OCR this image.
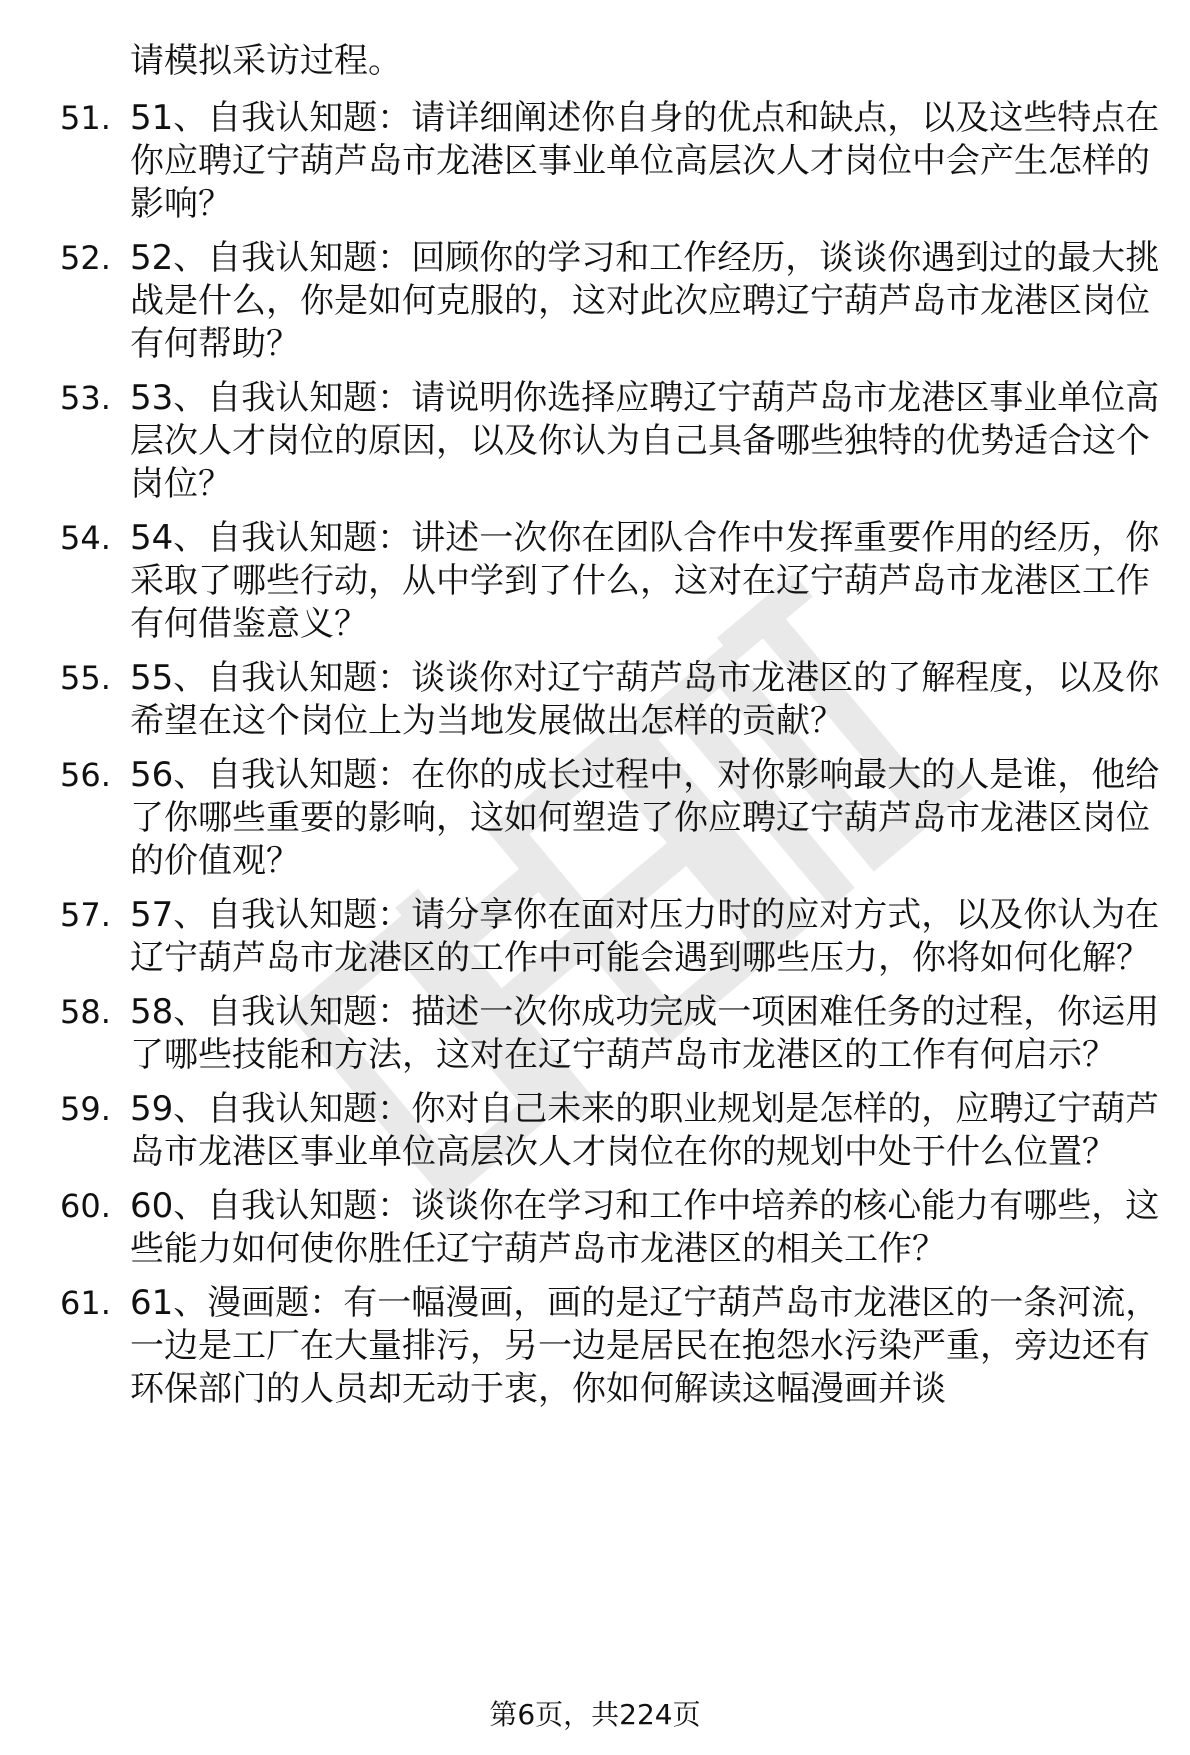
请模拟采访过程。
51. 51、自我认知题：请详细阐述你自身的优点和缺点，以及这些特点在你应聘辽宁葫芦岛市龙港区事业单位高层次人才岗位中会产生怎样的影响？
52. 52、自我认知题：回顾你的学习和工作经历，谈谈你遇到过的最大挑战是什么，你是如何克服的，这对此次应聘辽宁葫芦岛市龙港区岗位有何帮助？
53. 53、自我认知题：请说明你选择应聘辽宁葫芦岛市龙港区事业单位高层次人才岗位的原因，以及你认为自己具备哪些独特的优势适合这个岗位？
54. 54、自我认知题：讲述一次你在团队合作中发挥重要作用的经历，你采取了哪些行动，从中学到了什么，这对在辽宁葫芦岛市龙港区工作有何借鉴意义？
55. 55、自我认知题：谈谈你对辽宁葫芦岛市龙港区的了解程度，以及你希望在这个岗位上为当地发展做出怎样的贡献？
56. 56、自我认知题：在你的成长过程中，对你影响最大的人是谁，他给了你哪些重要的影响，这如何塑造了你应聘辽宁葫芦岛市龙港区岗位的价值观？
57. 57、自我认知题：请分享你在面对压力时的应对方式，以及你认为在辽宁葫芦岛市龙港区的工作中可能会遇到哪些压力，你将如何化解？
58. 58、自我认知题：描述一次你成功完成一项困难任务的过程，你运用了哪些技能和方法，这对在辽宁葫芦岛市龙港区的工作有何启示？
59. 59、自我认知题：你对自己未来的职业规划是怎样的，应聘辽宁葫芦岛市龙港区事业单位高层次人才岗位在你的规划中处于什么位置？
60. 60、自我认知题：谈谈你在学习和工作中培养的核心能力有哪些，这些能力如何使你胜任辽宁葫芦岛市龙港区的相关工作？
61. 61、漫画题：有一幅漫画，画的是辽宁葫芦岛市龙港区的一条河流，一边是工厂在大量排污，另一边是居民在抱怨水污染严重，旁边还有环保部门的人员却无动于衷，你如何解读这幅漫画并谈
第6页，共224页
